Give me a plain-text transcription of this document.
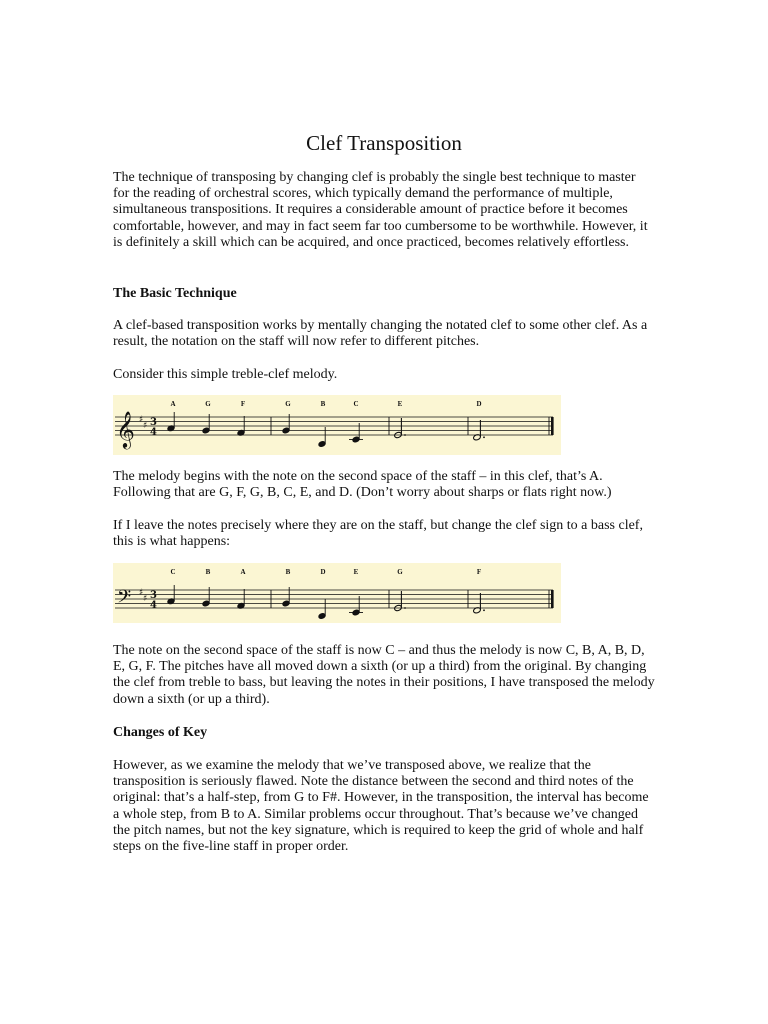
Clef Transposition

The technique of transposing by changing clef is probably the single best technique to master for the reading of orchestral scores, which typically demand the performance of multiple, simultaneous transpositions. It requires a considerable amount of practice before it becomes comfortable, however, and may in fact seem far too cumbersome to be worthwhile. However, it is definitely a skill which can be acquired, and once practiced, becomes relatively effortless.

The Basic Technique

A clef-based transposition works by mentally changing the notated clef to some other clef. As a result, the notation on the staff will now refer to different pitches.

Consider this simple treble-clef melody.

A	G	F	G	B	C	E	D
𝄞 ♯
♯ 3
4

The melody begins with the note on the second space of the staff – in this clef, that’s A. Following that are G, F, G, B, C, E, and D. (Don’t worry about sharps or flats right now.)

If I leave the notes precisely where they are on the staff, but change the clef sign to a bass clef, this is what happens:

C	B	A	B	D	E	G	F
𝄢 ♯
♯ 3
4

The note on the second space of the staff is now C – and thus the melody is now C, B, A, B, D, E, G, F. The pitches have all moved down a sixth (or up a third) from the original. By changing the clef from treble to bass, but leaving the notes in their positions, I have transposed the melody down a sixth (or up a third).

Changes of Key

However, as we examine the melody that we’ve transposed above, we realize that the transposition is seriously flawed. Note the distance between the second and third notes of the original: that’s a half-step, from G to F#. However, in the transposition, the interval has become a whole step, from B to A. Similar problems occur throughout. That’s because we’ve changed the pitch names, but not the key signature, which is required to keep the grid of whole and half steps on the five-line staff in proper order.
